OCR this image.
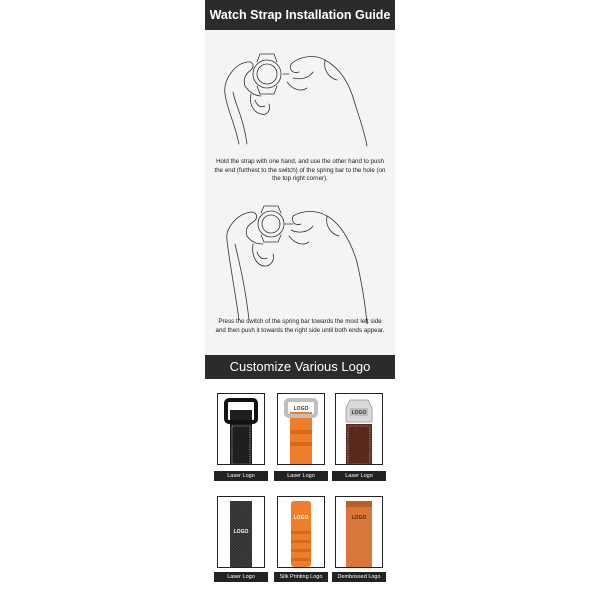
Watch Strap Installation Guide
Hold the strap with one hand, and use the other hand to push the end (furthest to the switch) of the spring bar to the hole (on the top right corner).
Press the switch of the spring bar towards the most left side and then push it towards the right side until both ends appear.
Customize Various Logo
LOGO
Laser Logo
LOGO
Laser Logo
LOGO
Laser Logo
LOGO
Laser Logo
LOGO
Silk Printing Logo
LOGO
Dembossed Logo
